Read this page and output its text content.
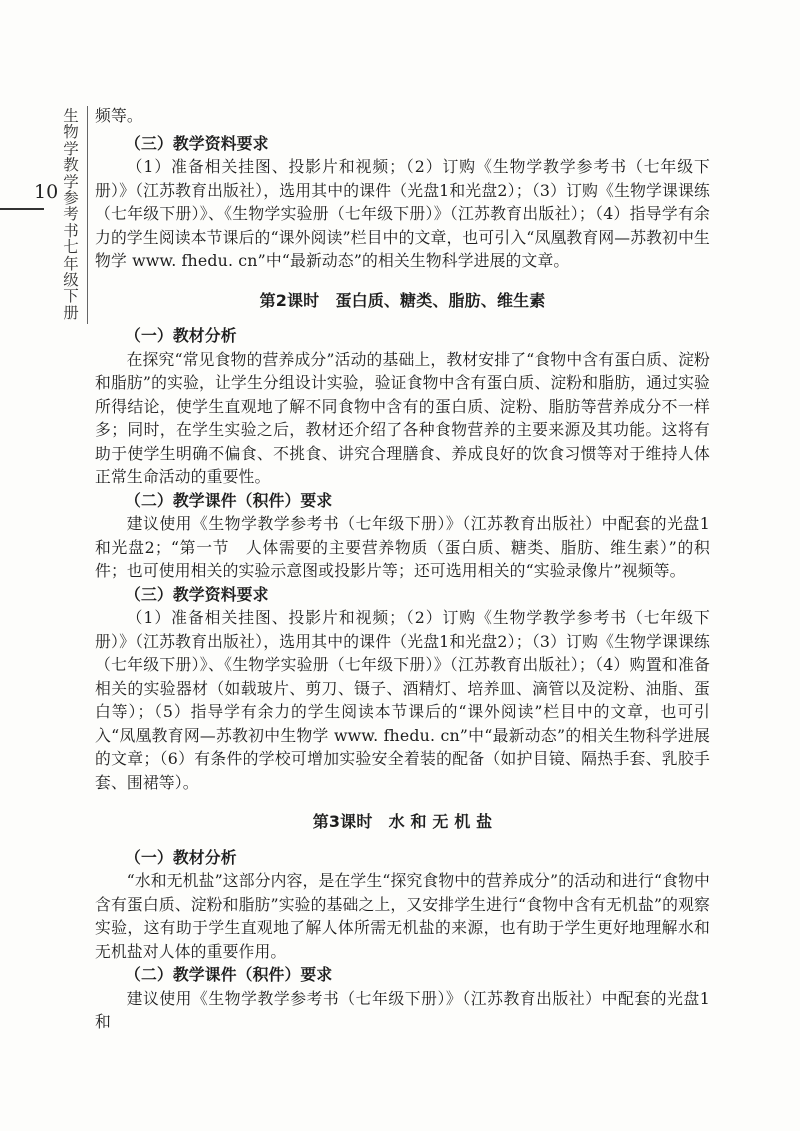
10
生物学教学参考书七年级下册

频等。

（三）教学资料要求

（1）准备相关挂图、投影片和视频；（2）订购《生物学教学参考书（七年级下册）》（江苏教育出版社），选用其中的课件（光盘1和光盘2）；（3）订购《生物学课课练（七年级下册）》、《生物学实验册（七年级下册）》（江苏教育出版社）；（4）指导学有余力的学生阅读本节课后的“课外阅读”栏目中的文章，也可引入“凤凰教育网—苏教初中生物学 www. fhedu. cn”中“最新动态”的相关生物科学进展的文章。

第2课时　蛋白质、糖类、脂肪、维生素
（一）教材分析

在探究“常见食物的营养成分”活动的基础上，教材安排了“食物中含有蛋白质、淀粉和脂肪”的实验，让学生分组设计实验，验证食物中含有蛋白质、淀粉和脂肪，通过实验所得结论，使学生直观地了解不同食物中含有的蛋白质、淀粉、脂肪等营养成分不一样多；同时，在学生实验之后，教材还介绍了各种食物营养的主要来源及其功能。这将有助于使学生明确不偏食、不挑食、讲究合理膳食、养成良好的饮食习惯等对于维持人体正常生命活动的重要性。

（二）教学课件（积件）要求

建议使用《生物学教学参考书（七年级下册）》（江苏教育出版社）中配套的光盘1和光盘2；“第一节　人体需要的主要营养物质（蛋白质、糖类、脂肪、维生素）”的积件；也可使用相关的实验示意图或投影片等；还可选用相关的“实验录像片”视频等。

（三）教学资料要求

（1）准备相关挂图、投影片和视频；（2）订购《生物学教学参考书（七年级下册）》（江苏教育出版社），选用其中的课件（光盘1和光盘2）；（3）订购《生物学课课练（七年级下册）》、《生物学实验册（七年级下册）》（江苏教育出版社）；（4）购置和准备相关的实验器材（如载玻片、剪刀、镊子、酒精灯、培养皿、滴管以及淀粉、油脂、蛋白等）；（5）指导学有余力的学生阅读本节课后的“课外阅读”栏目中的文章，也可引入“凤凰教育网—苏教初中生物学 www. fhedu. cn”中“最新动态”的相关生物科学进展的文章；（6）有条件的学校可增加实验安全着装的配备（如护目镜、隔热手套、乳胶手套、围裙等）。

第3课时　水 和 无 机 盐
（一）教材分析

“水和无机盐”这部分内容，是在学生“探究食物中的营养成分”的活动和进行“食物中含有蛋白质、淀粉和脂肪”实验的基础之上，又安排学生进行“食物中含有无机盐”的观察实验，这有助于学生直观地了解人体所需无机盐的来源，也有助于学生更好地理解水和无机盐对人体的重要作用。

（二）教学课件（积件）要求

建议使用《生物学教学参考书（七年级下册）》（江苏教育出版社）中配套的光盘1和
